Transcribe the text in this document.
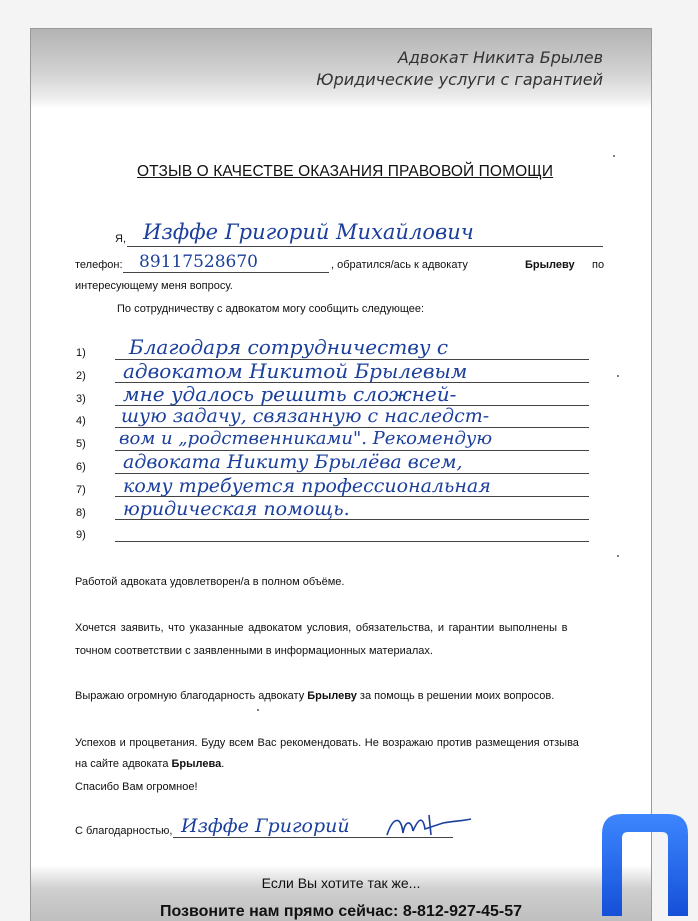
Адвокат Никита Брылев
Юридические услуги с гарантией
ОТЗЫВ О КАЧЕСТВЕ ОКАЗАНИЯ ПРАВОВОЙ ПОМОЩИ
Я, Изффе Григорий Михайлович
телефон: 89117528670	, обратился/ась к адвокату	Брылеву по
интересующему меня вопросу.
По сотрудничеству с адвокатом могу сообщить следующее:
1) Благодаря сотрудничеству с
2) адвокатом Никитой Брылевым
3) мне удалось решить сложней-
4) шую задачу, связанную с наследст-
5) вом и „родственниками". Рекомендую
6) адвоката Никиту Брылёва всем,
7) кому требуется профессиональная
8) юридическая помощь.
9)
Работой адвоката удовлетворен/а в полном объёме.
Хочется заявить, что указанные адвокатом условия, обязательства, и гарантии выполнены в
точном соответствии с заявленными в информационных материалах.
Выражаю огромную благодарность адвокату Брылеву за помощь в решении моих вопросов.
Успехов и процветания. Буду всем Вас рекомендовать. Не возражаю против размещения отзыва
на сайте адвоката Брылева.
Спасибо Вам огромное!
С благодарностью, Изффе Григорий
Если Вы хотите так же...
Позвоните нам прямо сейчас: 8-812-927-45-57
